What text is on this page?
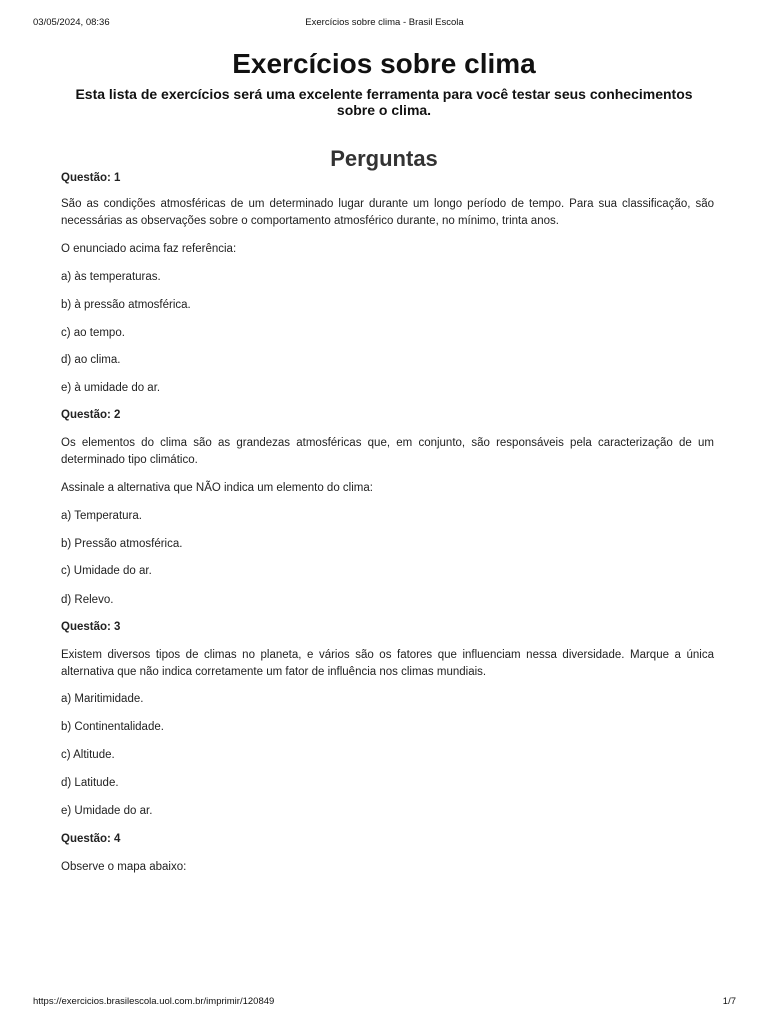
03/05/2024, 08:36	Exercícios sobre clima - Brasil Escola
Exercícios sobre clima

Esta lista de exercícios será uma excelente ferramenta para você testar seus conhecimentos sobre o clima.

Perguntas

Questão: 1

São as condições atmosféricas de um determinado lugar durante um longo período de tempo. Para sua classificação, são necessárias as observações sobre o comportamento atmosférico durante, no mínimo, trinta anos.

O enunciado acima faz referência:

a) às temperaturas.

b) à pressão atmosférica.

c) ao tempo.

d) ao clima.

e) à umidade do ar.

Questão: 2

Os elementos do clima são as grandezas atmosféricas que, em conjunto, são responsáveis pela caracterização de um determinado tipo climático.

Assinale a alternativa que NÃO indica um elemento do clima:

a) Temperatura.

b) Pressão atmosférica.

c) Umidade do ar.

d) Relevo.

Questão: 3

Existem diversos tipos de climas no planeta, e vários são os fatores que influenciam nessa diversidade. Marque a única alternativa que não indica corretamente um fator de influência nos climas mundiais.

a) Maritimidade.

b) Continentalidade.

c) Altitude.

d) Latitude.

e) Umidade do ar.

Questão: 4

Observe o mapa abaixo:

https://exercicios.brasilescola.uol.com.br/imprimir/120849	1/7
